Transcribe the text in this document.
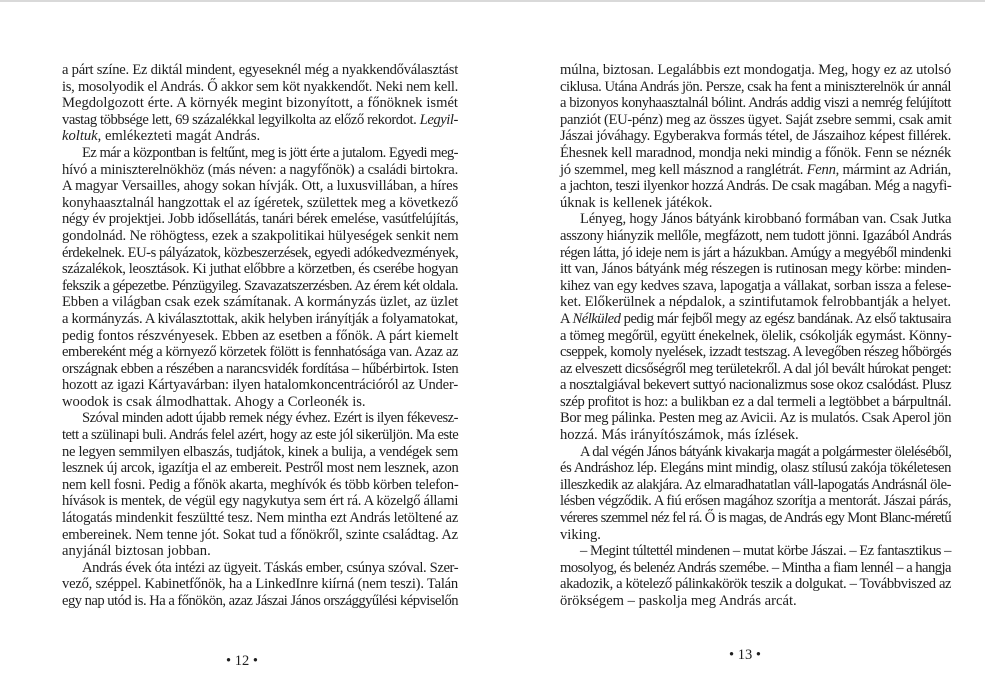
a párt színe. Ez diktál mindent, egyeseknél még a nyakkendőválasztást
is, mosolyodik el András. Ő akkor sem köt nyakkendőt. Neki nem kell.
Megdolgozott érte. A környék megint bizonyított, a főnöknek ismét
vastag többsége lett, 69 százalékkal legyilkolta az előző rekordot. Legyil-
koltuk, emlékezteti magát András.
Ez már a központban is feltűnt, meg is jött érte a jutalom. Egyedi meg-
hívó a miniszterelnökhöz (más néven: a nagyfőnök) a családi birtokra.
A magyar Versailles, ahogy sokan hívják. Ott, a luxusvillában, a híres
konyhaasztalnál hangzottak el az ígéretek, születtek meg a következő
négy év projektjei. Jobb idősellátás, tanári bérek emelése, vasútfelújítás,
gondolnád. Ne röhögtess, ezek a szakpolitikai hülyeségek senkit nem
érdekelnek. EU-s pályázatok, közbeszerzések, egyedi adókedvezmények,
százalékok, leosztások. Ki juthat előbbre a körzetben, és cserébe hogyan
fekszik a gépezetbe. Pénzügyileg. Szavazatszerzésben. Az érem két oldala.
Ebben a világban csak ezek számítanak. A kormányzás üzlet, az üzlet
a kormányzás. A kiválasztottak, akik helyben irányítják a folyamatokat,
pedig fontos részvényesek. Ebben az esetben a főnök. A párt kiemelt
embereként még a környező körzetek fölött is fennhatósága van. Azaz az
országnak ebben a részében a narancsvidék fordítása – hűbérbirtok. Isten
hozott az igazi Kártyavárban: ilyen hatalomkoncentrációról az Under-
woodok is csak álmodhattak. Ahogy a Corleonék is.
Szóval minden adott újabb remek négy évhez. Ezért is ilyen fékevesz-
tett a szülinapi buli. András felel azért, hogy az este jól sikerüljön. Ma este
ne legyen semmilyen elbaszás, tudjátok, kinek a bulija, a vendégek sem
lesznek új arcok, igazítja el az embereit. Pestről most nem lesznek, azon
nem kell fosni. Pedig a főnök akarta, meghívók és több körben telefon-
hívások is mentek, de végül egy nagykutya sem ért rá. A közelgő állami
látogatás mindenkit feszültté tesz. Nem mintha ezt András letöltené az
embereinek. Nem tenne jót. Sokat tud a főnökről, szinte családtag. Az
anyjánál biztosan jobban.
András évek óta intézi az ügyeit. Táskás ember, csúnya szóval. Szer-
vező, széppel. Kabinetfőnök, ha a LinkedInre kiírná (nem teszi). Talán
egy nap utód is. Ha a főnökön, azaz Jászai János országgyűlési képviselőn
múlna, biztosan. Legalábbis ezt mondogatja. Meg, hogy ez az utolsó
ciklusa. Utána András jön. Persze, csak ha fent a miniszterelnök úr annál
a bizonyos konyhaasztalnál bólint. András addig viszi a nemrég felújított
panziót (EU-pénz) meg az összes ügyet. Saját zsebre semmi, csak amit
Jászai jóváhagy. Egyberakva formás tétel, de Jászaihoz képest fillérek.
Éhesnek kell maradnod, mondja neki mindig a főnök. Fenn se néznék
jó szemmel, meg kell másznod a ranglétrát. Fenn, mármint az Adrián,
a jachton, teszi ilyenkor hozzá András. De csak magában. Még a nagyfi-
úknak is kellenek játékok.
Lényeg, hogy János bátyánk kirobbanó formában van. Csak Jutka
asszony hiányzik mellőle, megfázott, nem tudott jönni. Igazából András
régen látta, jó ideje nem is járt a házukban. Amúgy a megyéből mindenki
itt van, János bátyánk még részegen is rutinosan megy körbe: minden-
kihez van egy kedves szava, lapogatja a vállakat, sorban issza a felese-
ket. Előkerülnek a népdalok, a szintifutamok felrobbantják a helyet.
A Nélküled pedig már fejből megy az egész bandának. Az első taktusaira
a tömeg megőrül, együtt énekelnek, ölelik, csókolják egymást. Könny-
cseppek, komoly nyelések, izzadt testszag. A levegőben részeg hőbörgés
az elveszett dicsőségről meg területekről. A dal jól bevált húrokat penget:
a nosztalgiával bekevert suttyó nacionalizmus sose okoz csalódást. Plusz
szép profitot is hoz: a bulikban ez a dal termeli a legtöbbet a bárpultnál.
Bor meg pálinka. Pesten meg az Avicii. Az is mulatós. Csak Aperol jön
hozzá. Más irányítószámok, más ízlések.
A dal végén János bátyánk kivakarja magát a polgármester öleléséből,
és Andráshoz lép. Elegáns mint mindig, olasz stílusú zakója tökéletesen
illeszkedik az alakjára. Az elmaradhatatlan váll-lapogatás Andrásnál öle-
lésben végződik. A fiú erősen magához szorítja a mentorát. Jászai párás,
véreres szemmel néz fel rá. Ő is magas, de András egy Mont Blanc-méretű
viking.
– Megint túltettél mindenen – mutat körbe Jászai. – Ez fantasztikus –
mosolyog, és belenéz András szemébe. – Mintha a fiam lennél – a hangja
akadozik, a kötelező pálinkakörök teszik a dolgukat. – Továbbviszed az
örökségem – paskolja meg András arcát.
• 12 •	• 13 •
